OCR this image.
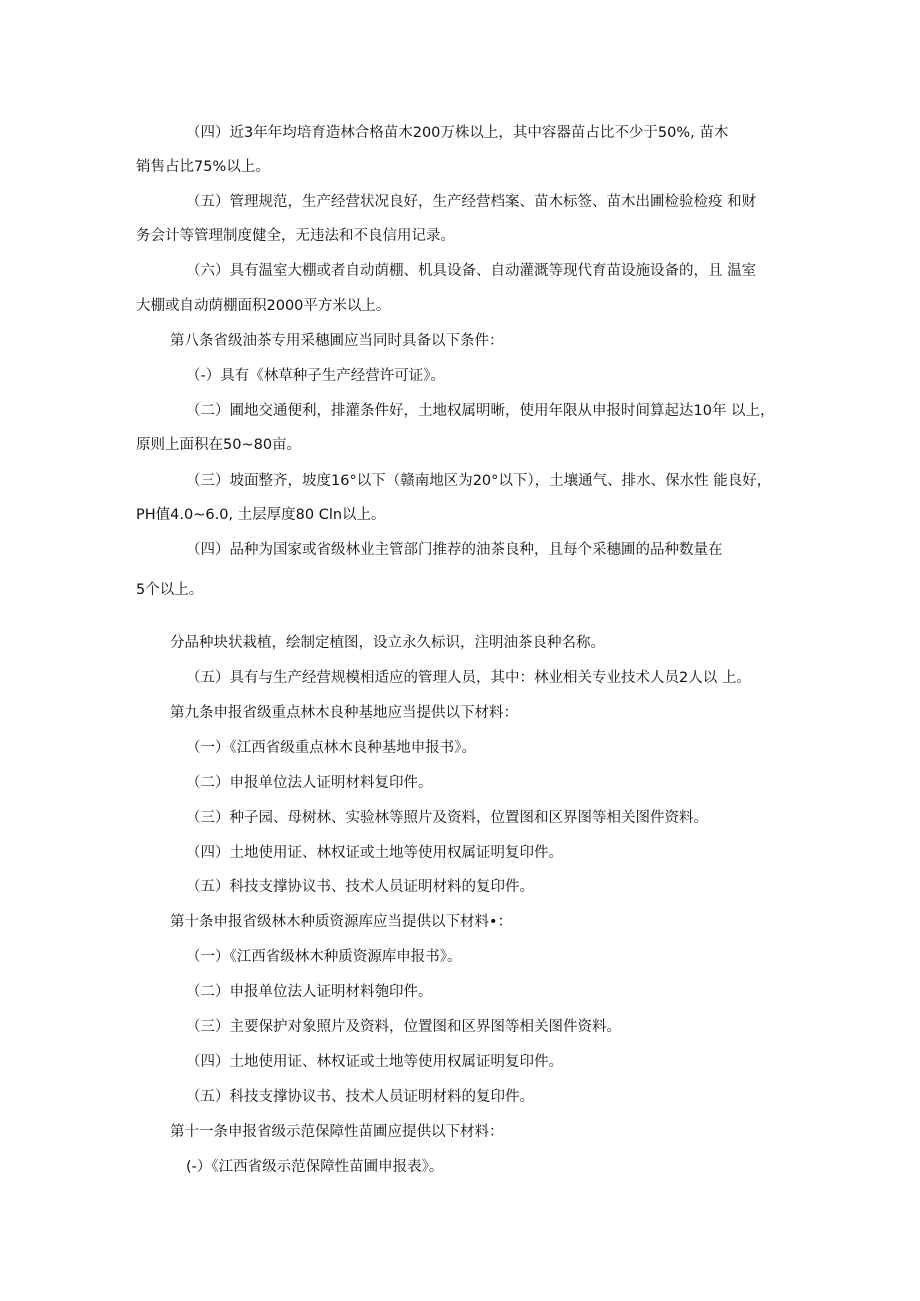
（四）近3年年均培育造林合格苗木200万株以上，其中容器苗占比不少于50%, 苗木
销售占比75%以上。
（五）管理规范，生产经营状况良好，生产经营档案、苗木标签、苗木出圃检验检疫 和财
务会计等管理制度健全，无违法和不良信用记录。
（六）具有温室大棚或者自动荫棚、机具设备、自动灌溉等现代育苗设施设备的，且 温室
大棚或自动荫棚面积2000平方米以上。
第八条省级油茶专用采穗圃应当同时具备以下条件：
（-）具有《林草种子生产经营许可证》。
（二）圃地交通便利，排灌条件好，土地权属明晰，使用年限从申报时间算起达10年 以上，
原则上面积在50~80亩。
（三）坡面整齐，坡度16°以下（赣南地区为20°以下），土壤通气、排水、保水性 能良好，
PH值4.0~6.0, 土层厚度80 Cln以上。
（四）品种为国家或省级林业主管部门推荐的油茶良种，且每个采穗圃的品种数量在
5个以上。
分品种块状栽植，绘制定植图，设立永久标识，注明油茶良种名称。
（五）具有与生产经营规模相适应的管理人员，其中：林业相关专业技术人员2人以 上。
第九条申报省级重点林木良种基地应当提供以下材料：
（一）《江西省级重点林木良种基地申报书》。
（二）申报单位法人证明材料复印件。
（三）种子园、母树林、实验林等照片及资料，位置图和区界图等相关图件资料。
（四）土地使用证、林权证或土地等使用权属证明复印件。
（五）科技支撑协议书、技术人员证明材料的复印件。
第十条申报省级林木种质资源库应当提供以下材料•：
（一）《江西省级林木种质资源库申报书》。
（二）申报单位法人证明材料匏印件。
（三）主要保护对象照片及资料，位置图和区界图等相关图件资料。
（四）土地使用证、林权证或土地等使用权属证明复印件。
（五）科技支撑协议书、技术人员证明材料的复印件。
第十一条申报省级示范保障性苗圃应提供以下材料：
(-）《江西省级示范保障性苗圃申报表》。
